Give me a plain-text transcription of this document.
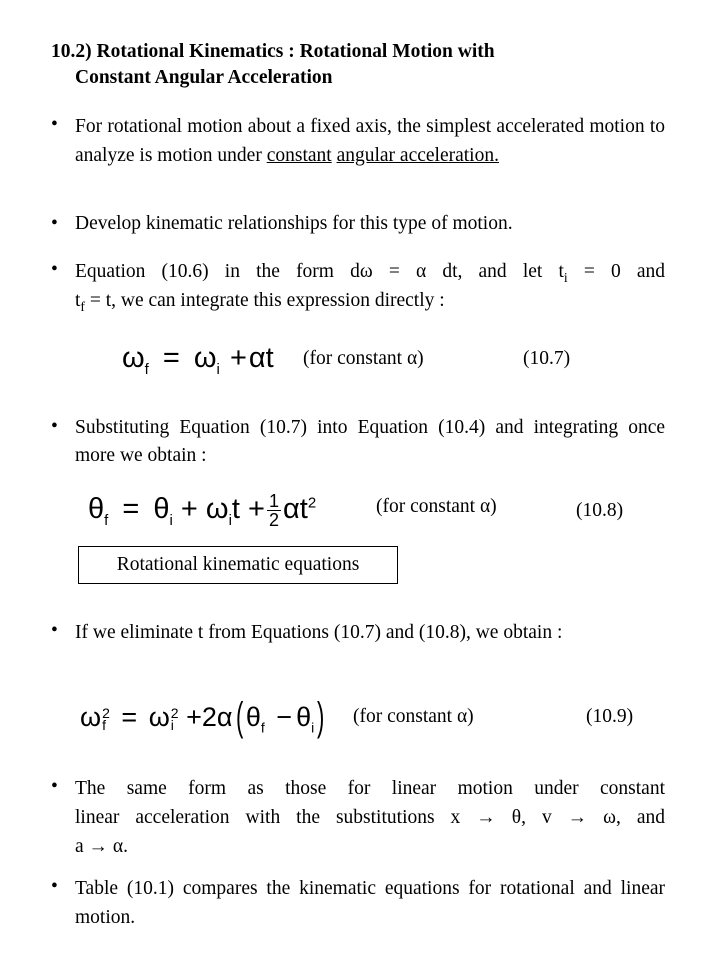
10.2) Rotational Kinematics : Rotational Motion with
Constant Angular Acceleration
• For rotational motion about a fixed axis, the simplest accelerated motion to analyze is motion under constant angular acceleration.
• Develop kinematic relationships for this type of motion.
• Equation (10.6) in the form dω = α dt, and let $t_i = 0$ and
$t_f = t$, we can integrate this expression directly :
$\omega_f = \omega_i +\alpha t$ (for constant α)	(10.7)
• Substituting Equation (10.7) into Equation (10.4) and integrating once more we obtain :
$\theta_f = \theta_i + \omega_it + \frac{1}{2} \alpha t^2$	(for constant α)	(10.8)
Rotational kinematic equations
• If we eliminate t from Equations (10.7) and (10.8), we obtain :
ω 2
f = ω 2
i +2α( $\theta_f - \theta_i$) (for constant α)	(10.9)
• The same form as those for linear motion under constant
linear acceleration with the substitutions x → θ, v → ω, and
a → α.
• Table (10.1) compares the kinematic equations for rotational and linear motion.
